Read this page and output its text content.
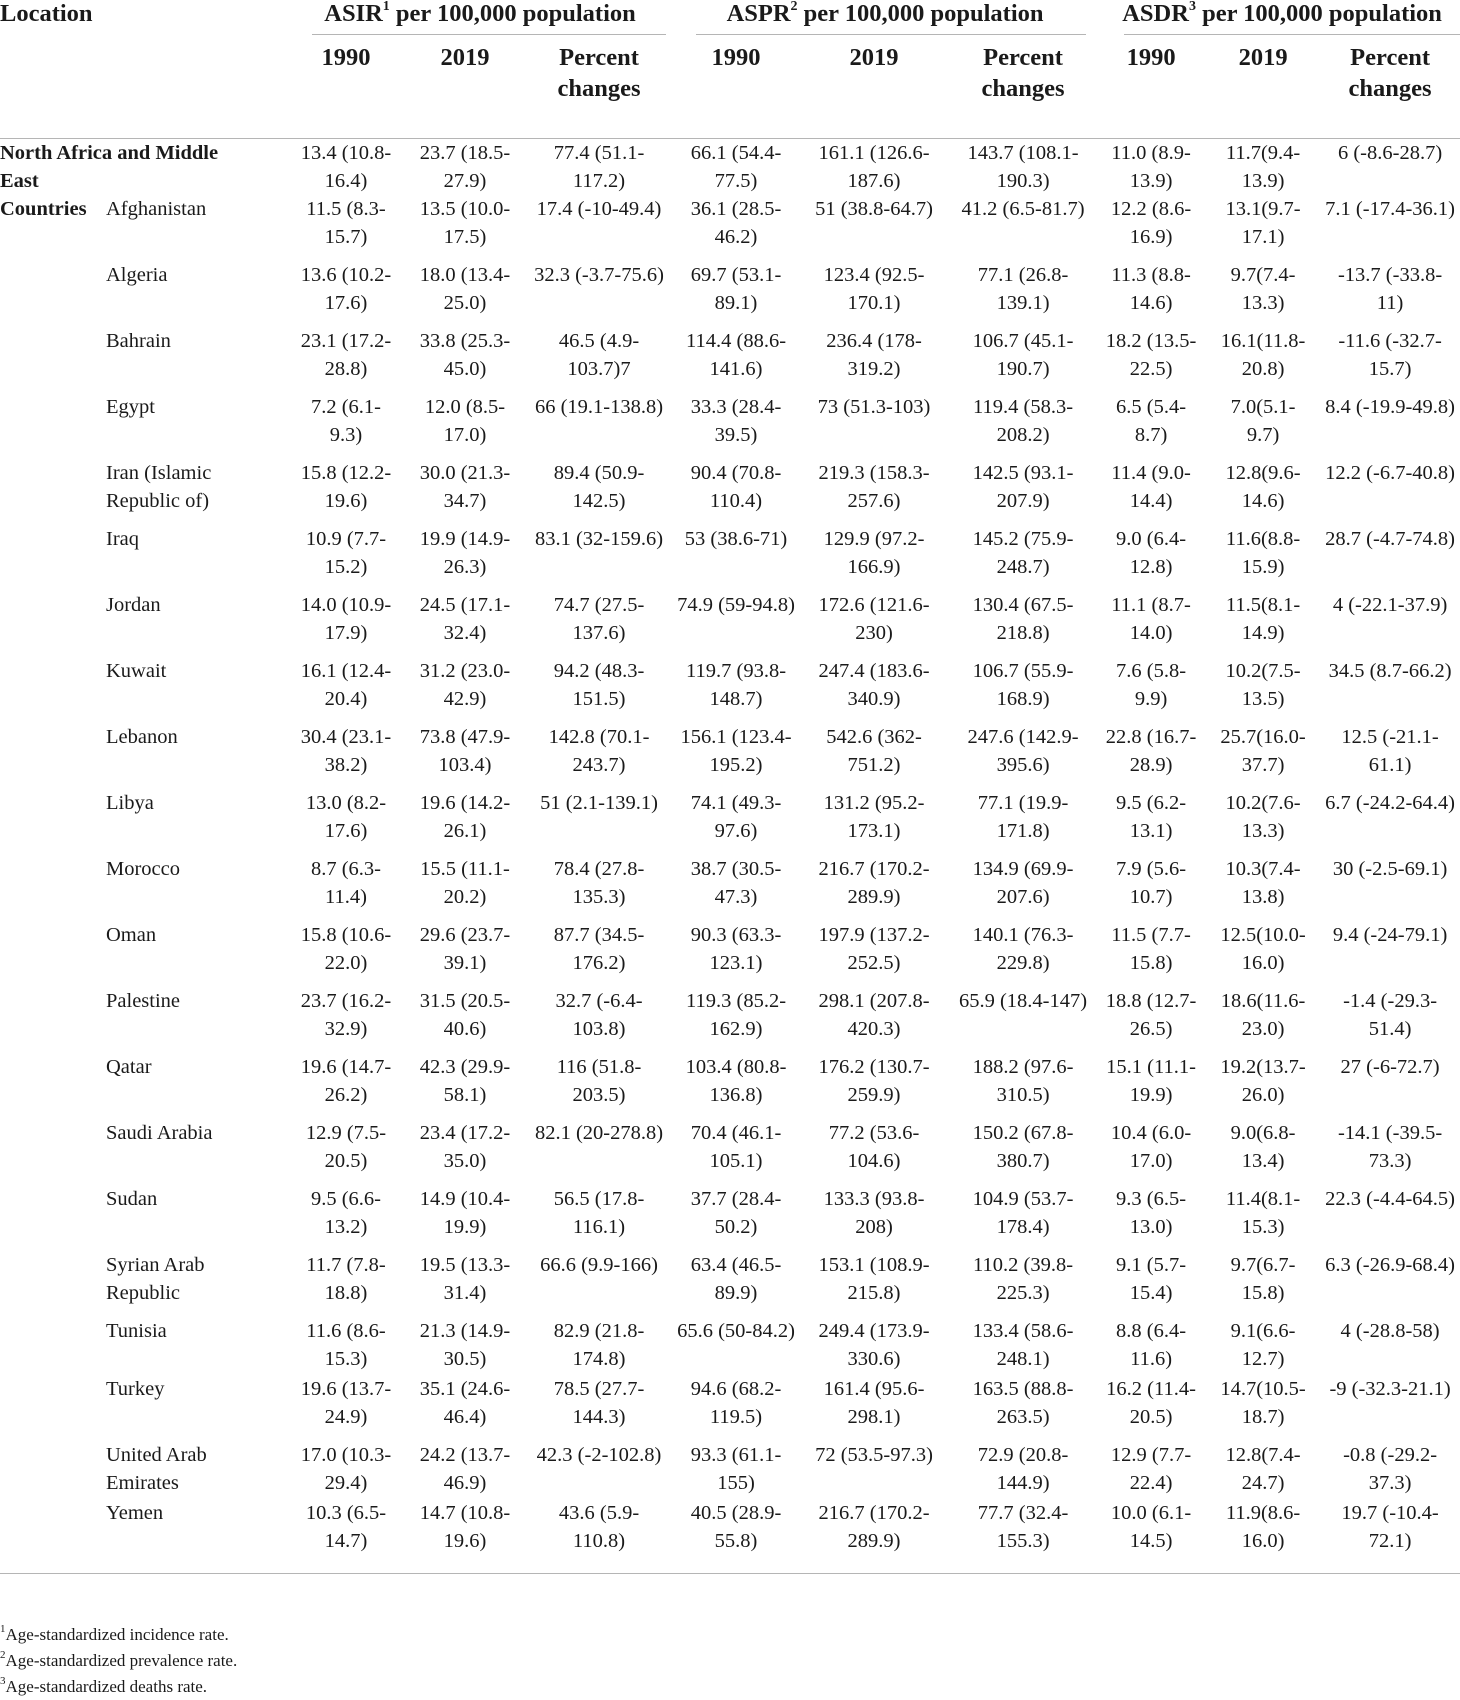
Location		ASIR$^1$ per 100,000 population			ASPR$^2$ per 100,000 population			ASDR$^3$ per 100,000 population		

		1990	2019	Percent
changes	1990	2019	Percent
changes	1990	2019	Percent
changes

North Africa and Middle
East		13.4 (10.8-
16.4)	23.7 (18.5-
27.9)	77.4 (51.1-
117.2)	66.1 (54.4-
77.5)	161.1 (126.6-
187.6)	143.7 (108.1-
190.3)	11.0 (8.9-
13.9)	11.7(9.4-
13.9)	6 (-8.6-28.7)

Countries	Afghanistan	11.5 (8.3-
15.7)	13.5 (10.0-
17.5)	17.4 (-10-49.4)	36.1 (28.5-
46.2)	51 (38.8-64.7)	41.2 (6.5-81.7)	12.2 (8.6-
16.9)	13.1(9.7-
17.1)	7.1 (-17.4-36.1)

	Algeria	13.6 (10.2-
17.6)	18.0 (13.4-
25.0)	32.3 (-3.7-75.6)	69.7 (53.1-
89.1)	123.4 (92.5-
170.1)	77.1 (26.8-
139.1)	11.3 (8.8-
14.6)	9.7(7.4-
13.3)	-13.7 (-33.8-
11)
	Bahrain	23.1 (17.2-
28.8)	33.8 (25.3-
45.0)	46.5 (4.9-
103.7)7	114.4 (88.6-
141.6)	236.4 (178-
319.2)	106.7 (45.1-
190.7)	18.2 (13.5-
22.5)	16.1(11.8-
20.8)	-11.6 (-32.7-
15.7)
	Egypt	7.2 (6.1-
9.3)	12.0 (8.5-
17.0)	66 (19.1-138.8)	33.3 (28.4-
39.5)	73 (51.3-103)	119.4 (58.3-
208.2)	6.5 (5.4-
8.7)	7.0(5.1-
9.7)	8.4 (-19.9-49.8)

	Iran (Islamic
Republic of)	15.8 (12.2-
19.6)	30.0 (21.3-
34.7)	89.4 (50.9-
142.5)	90.4 (70.8-
110.4)	219.3 (158.3-
257.6)	142.5 (93.1-
207.9)	11.4 (9.0-
14.4)	12.8(9.6-
14.6)	12.2 (-6.7-40.8)

	Iraq	10.9 (7.7-
15.2)	19.9 (14.9-
26.3)	83.1 (32-159.6)	53 (38.6-71)	129.9 (97.2-
166.9)	145.2 (75.9-
248.7)	9.0 (6.4-
12.8)	11.6(8.8-
15.9)	28.7 (-4.7-74.8)

	Jordan	14.0 (10.9-
17.9)	24.5 (17.1-
32.4)	74.7 (27.5-
137.6)	74.9 (59-94.8)	172.6 (121.6-
230)	130.4 (67.5-
218.8)	11.1 (8.7-
14.0)	11.5(8.1-
14.9)	4 (-22.1-37.9)

	Kuwait	16.1 (12.4-
20.4)	31.2 (23.0-
42.9)	94.2 (48.3-
151.5)	119.7 (93.8-
148.7)	247.4 (183.6-
340.9)	106.7 (55.9-
168.9)	7.6 (5.8-
9.9)	10.2(7.5-
13.5)	34.5 (8.7-66.2)

	Lebanon	30.4 (23.1-
38.2)	73.8 (47.9-
103.4)	142.8 (70.1-
243.7)	156.1 (123.4-
195.2)	542.6 (362-
751.2)	247.6 (142.9-
395.6)	22.8 (16.7-
28.9)	25.7(16.0-
37.7)	12.5 (-21.1-
61.1)
	Libya	13.0 (8.2-
17.6)	19.6 (14.2-
26.1)	51 (2.1-139.1)	74.1 (49.3-
97.6)	131.2 (95.2-
173.1)	77.1 (19.9-
171.8)	9.5 (6.2-
13.1)	10.2(7.6-
13.3)	6.7 (-24.2-64.4)

	Morocco	8.7 (6.3-
11.4)	15.5 (11.1-
20.2)	78.4 (27.8-
135.3)	38.7 (30.5-
47.3)	216.7 (170.2-
289.9)	134.9 (69.9-
207.6)	7.9 (5.6-
10.7)	10.3(7.4-
13.8)	30 (-2.5-69.1)

	Oman	15.8 (10.6-
22.0)	29.6 (23.7-
39.1)	87.7 (34.5-
176.2)	90.3 (63.3-
123.1)	197.9 (137.2-
252.5)	140.1 (76.3-
229.8)	11.5 (7.7-
15.8)	12.5(10.0-
16.0)	9.4 (-24-79.1)

	Palestine	23.7 (16.2-
32.9)	31.5 (20.5-
40.6)	32.7 (-6.4-
103.8)	119.3 (85.2-
162.9)	298.1 (207.8-
420.3)	65.9 (18.4-147)	18.8 (12.7-
26.5)	18.6(11.6-
23.0)	-1.4 (-29.3-
51.4)
	Qatar	19.6 (14.7-
26.2)	42.3 (29.9-
58.1)	116 (51.8-
203.5)	103.4 (80.8-
136.8)	176.2 (130.7-
259.9)	188.2 (97.6-
310.5)	15.1 (11.1-
19.9)	19.2(13.7-
26.0)	27 (-6-72.7)

	Saudi Arabia	12.9 (7.5-
20.5)	23.4 (17.2-
35.0)	82.1 (20-278.8)	70.4 (46.1-
105.1)	77.2 (53.6-
104.6)	150.2 (67.8-
380.7)	10.4 (6.0-
17.0)	9.0(6.8-
13.4)	-14.1 (-39.5-
73.3)
	Sudan	9.5 (6.6-
13.2)	14.9 (10.4-
19.9)	56.5 (17.8-
116.1)	37.7 (28.4-
50.2)	133.3 (93.8-
208)	104.9 (53.7-
178.4)	9.3 (6.5-
13.0)	11.4(8.1-
15.3)	22.3 (-4.4-64.5)

	Syrian Arab
Republic	11.7 (7.8-
18.8)	19.5 (13.3-
31.4)	66.6 (9.9-166)	63.4 (46.5-
89.9)	153.1 (108.9-
215.8)	110.2 (39.8-
225.3)	9.1 (5.7-
15.4)	9.7(6.7-
15.8)	6.3 (-26.9-68.4)

	Tunisia	11.6 (8.6-
15.3)	21.3 (14.9-
30.5)	82.9 (21.8-
174.8)	65.6 (50-84.2)	249.4 (173.9-
330.6)	133.4 (58.6-
248.1)	8.8 (6.4-
11.6)	9.1(6.6-
12.7)	4 (-28.8-58)

	Turkey	19.6 (13.7-
24.9)	35.1 (24.6-
46.4)	78.5 (27.7-
144.3)	94.6 (68.2-
119.5)	161.4 (95.6-
298.1)	163.5 (88.8-
263.5)	16.2 (11.4-
20.5)	14.7(10.5-
18.7)	-9 (-32.3-21.1)

	United Arab
Emirates	17.0 (10.3-
29.4)	24.2 (13.7-
46.9)	42.3 (-2-102.8)	93.3 (61.1-
155)	72 (53.5-97.3)	72.9 (20.8-
144.9)	12.9 (7.7-
22.4)	12.8(7.4-
24.7)	-0.8 (-29.2-
37.3)
	Yemen	10.3 (6.5-
14.7)	14.7 (10.8-
19.6)	43.6 (5.9-
110.8)	40.5 (28.9-
55.8)	216.7 (170.2-
289.9)	77.7 (32.4-
155.3)	10.0 (6.1-
14.5)	11.9(8.6-
16.0)	19.7 (-10.4-
72.1)

$^1$Age-standardized incidence rate.
$^2$Age-standardized prevalence rate.
$^3$Age-standardized deaths rate.
